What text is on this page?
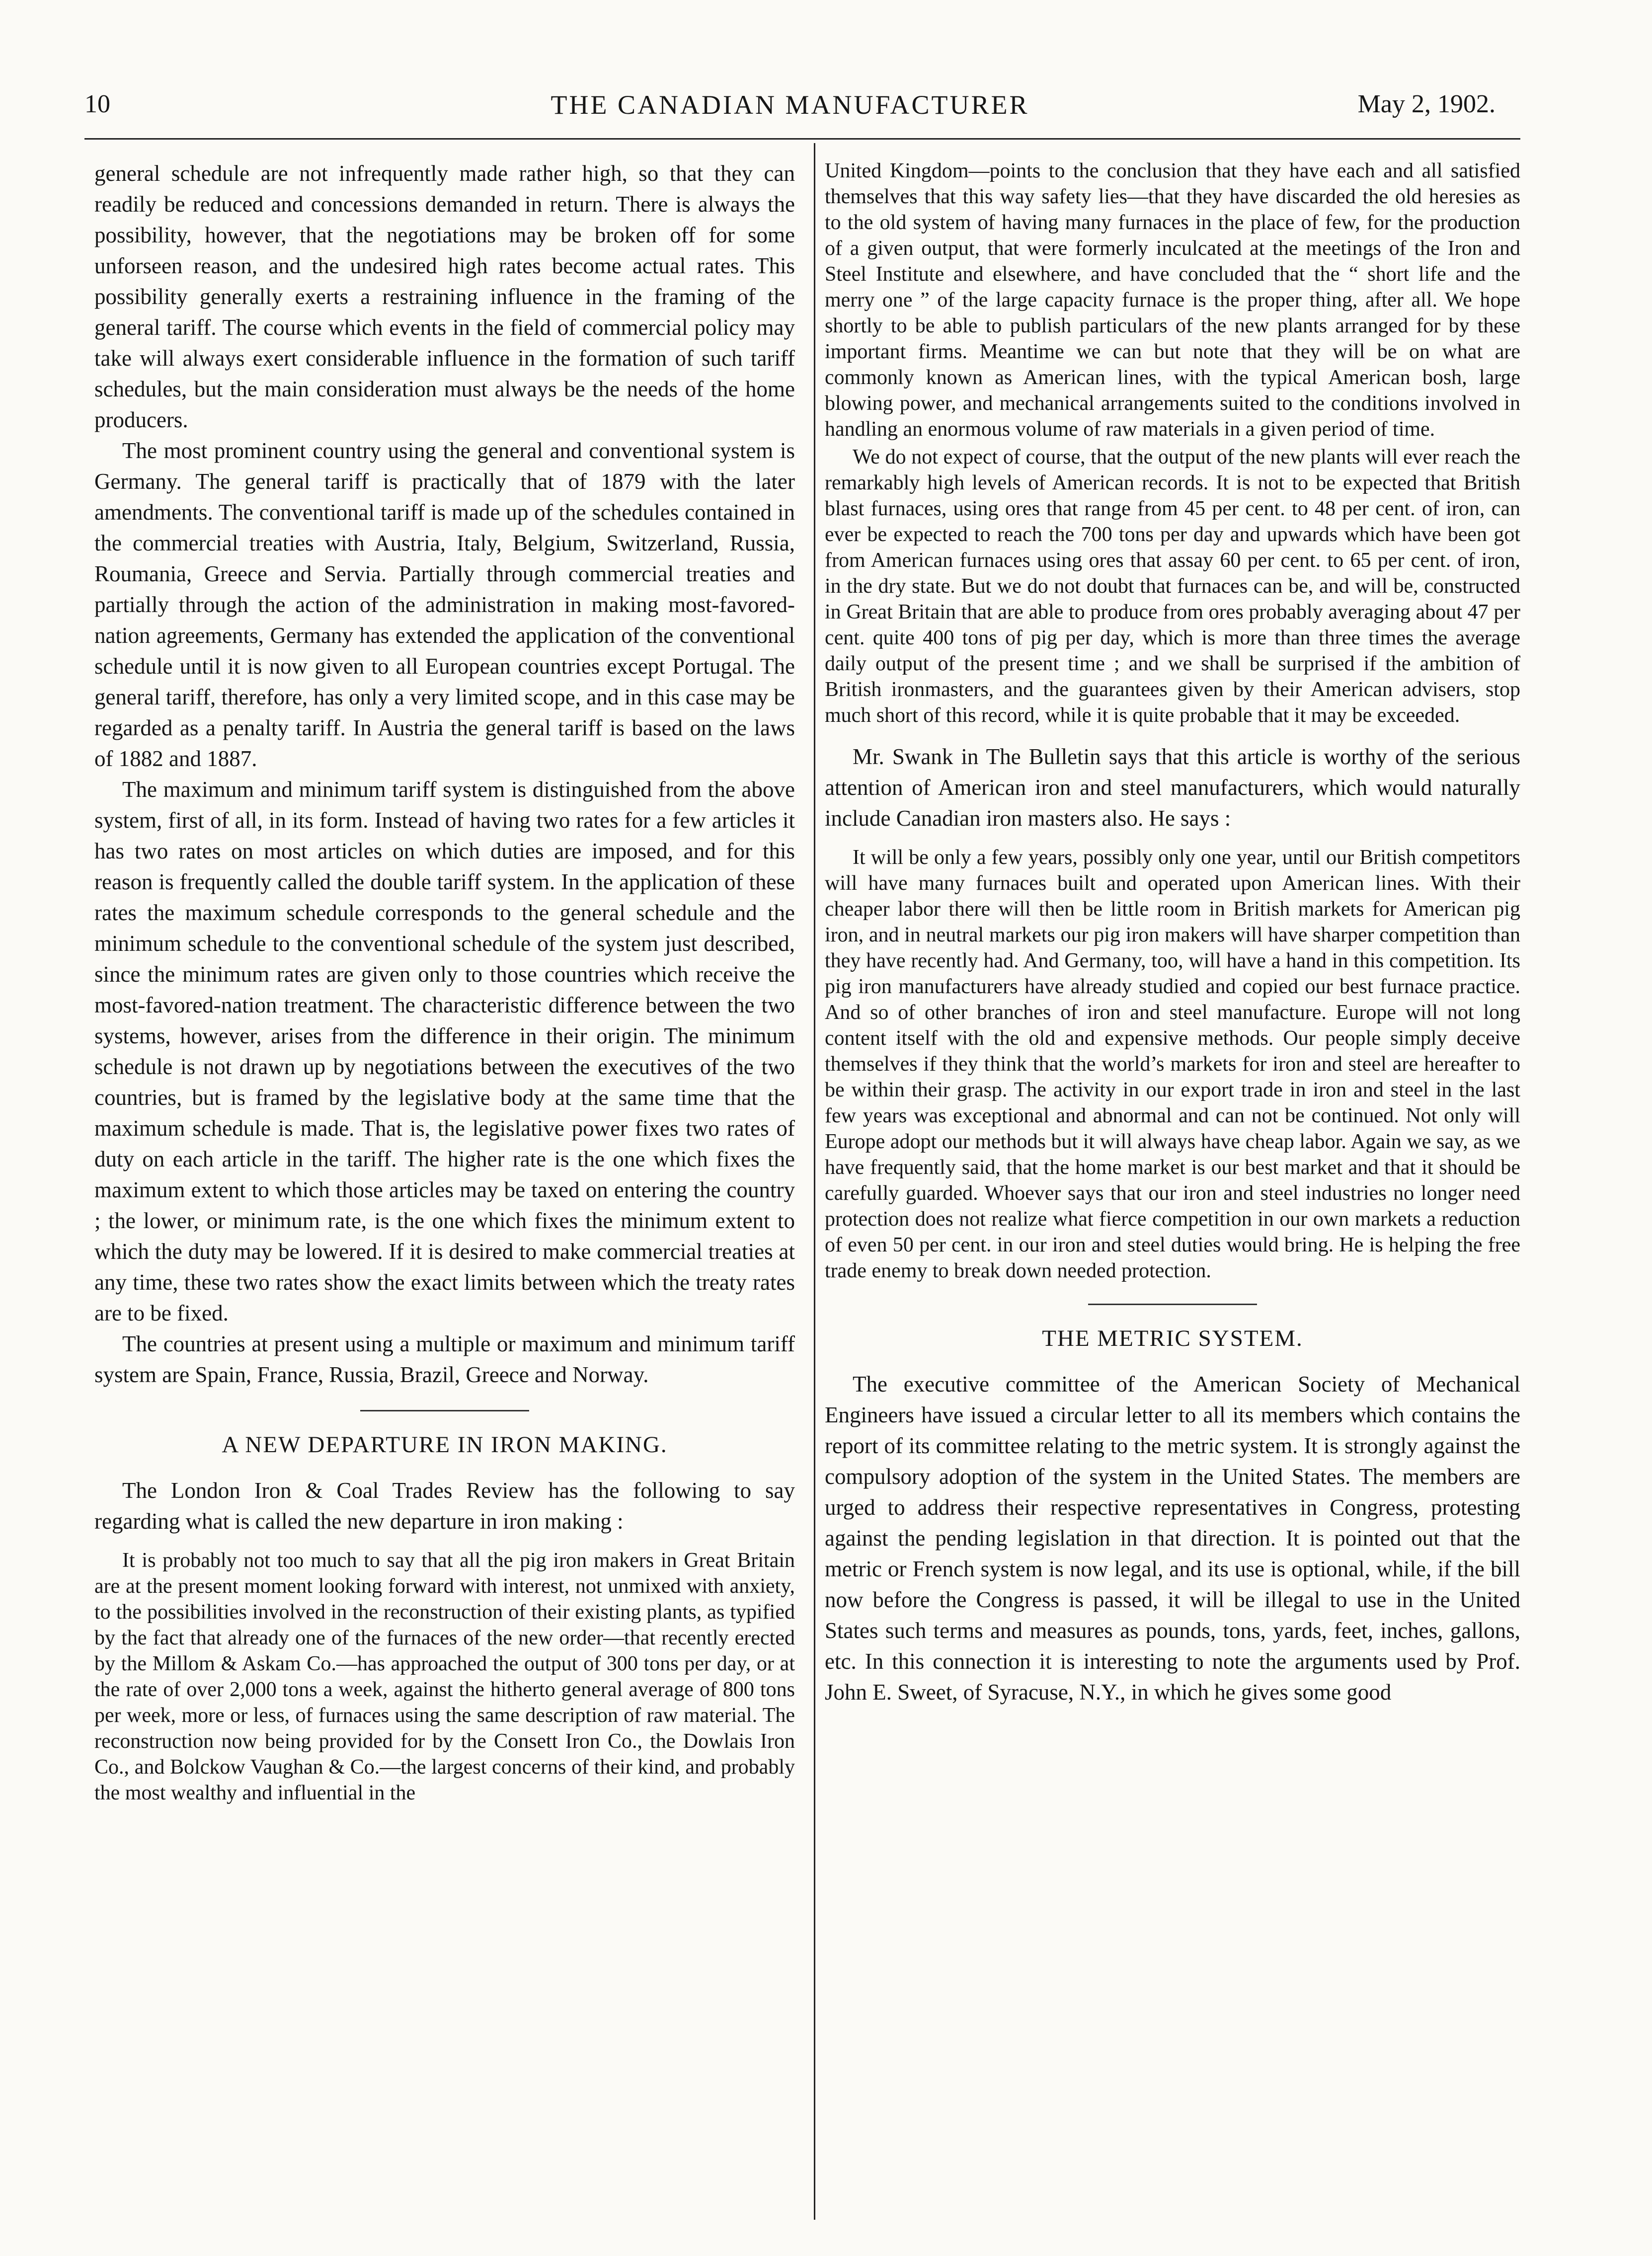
10	THE CANADIAN MANUFACTURER	May 2, 1902.

general schedule are not infrequently made rather high, so that they can readily be reduced and concessions demanded in return. There is always the possibility, however, that the negotiations may be broken off for some unforseen reason, and the undesired high rates become actual rates. This possibility generally exerts a restraining influence in the framing of the general tariff. The course which events in the field of commercial policy may take will always exert considerable influence in the formation of such tariff schedules, but the main consideration must always be the needs of the home producers.

The most prominent country using the general and conventional system is Germany. The general tariff is practically that of 1879 with the later amendments. The conventional tariff is made up of the schedules contained in the commercial treaties with Austria, Italy, Belgium, Switzerland, Russia, Roumania, Greece and Servia. Partially through commercial treaties and partially through the action of the administration in making most-favored-nation agreements, Germany has extended the application of the conventional schedule until it is now given to all European countries except Portugal. The general tariff, therefore, has only a very limited scope, and in this case may be regarded as a penalty tariff. In Austria the general tariff is based on the laws of 1882 and 1887.

The maximum and minimum tariff system is distinguished from the above system, first of all, in its form. Instead of having two rates for a few articles it has two rates on most articles on which duties are imposed, and for this reason is frequently called the double tariff system. In the application of these rates the maximum schedule corresponds to the general schedule and the minimum schedule to the conventional schedule of the system just described, since the minimum rates are given only to those countries which receive the most-favored-nation treatment. The characteristic difference between the two systems, however, arises from the difference in their origin. The minimum schedule is not drawn up by negotiations between the executives of the two countries, but is framed by the legislative body at the same time that the maximum schedule is made. That is, the legislative power fixes two rates of duty on each article in the tariff. The higher rate is the one which fixes the maximum extent to which those articles may be taxed on entering the country ; the lower, or minimum rate, is the one which fixes the minimum extent to which the duty may be lowered. If it is desired to make commercial treaties at any time, these two rates show the exact limits between which the treaty rates are to be fixed.

The countries at present using a multiple or maximum and minimum tariff system are Spain, France, Russia, Brazil, Greece and Norway.

A NEW DEPARTURE IN IRON MAKING.

The London Iron & Coal Trades Review has the following to say regarding what is called the new departure in iron making :

It is probably not too much to say that all the pig iron makers in Great Britain are at the present moment looking forward with interest, not unmixed with anxiety, to the possibilities involved in the reconstruction of their existing plants, as typified by the fact that already one of the furnaces of the new order—that recently erected by the Millom & Askam Co.—has approached the output of 300 tons per day, or at the rate of over 2,000 tons a week, against the hitherto general average of 800 tons per week, more or less, of furnaces using the same description of raw material. The reconstruction now being provided for by the Consett Iron Co., the Dowlais Iron Co., and Bolckow Vaughan & Co.—the largest concerns of their kind, and probably the most wealthy and influential in the

United Kingdom—points to the conclusion that they have each and all satisfied themselves that this way safety lies—that they have discarded the old heresies as to the old system of having many furnaces in the place of few, for the production of a given output, that were formerly inculcated at the meetings of the Iron and Steel Institute and elsewhere, and have concluded that the “ short life and the merry one ” of the large capacity furnace is the proper thing, after all. We hope shortly to be able to publish particulars of the new plants arranged for by these important firms. Meantime we can but note that they will be on what are commonly known as American lines, with the typical American bosh, large blowing power, and mechanical arrangements suited to the conditions involved in handling an enormous volume of raw materials in a given period of time.

We do not expect of course, that the output of the new plants will ever reach the remarkably high levels of American records. It is not to be expected that British blast furnaces, using ores that range from 45 per cent. to 48 per cent. of iron, can ever be expected to reach the 700 tons per day and upwards which have been got from American furnaces using ores that assay 60 per cent. to 65 per cent. of iron, in the dry state. But we do not doubt that furnaces can be, and will be, constructed in Great Britain that are able to produce from ores probably averaging about 47 per cent. quite 400 tons of pig per day, which is more than three times the average daily output of the present time ; and we shall be surprised if the ambition of British ironmasters, and the guarantees given by their American advisers, stop much short of this record, while it is quite probable that it may be exceeded.

Mr. Swank in The Bulletin says that this article is worthy of the serious attention of American iron and steel manufacturers, which would naturally include Canadian iron masters also. He says :

It will be only a few years, possibly only one year, until our British competitors will have many furnaces built and operated upon American lines. With their cheaper labor there will then be little room in British markets for American pig iron, and in neutral markets our pig iron makers will have sharper competition than they have recently had. And Germany, too, will have a hand in this competition. Its pig iron manufacturers have already studied and copied our best furnace practice. And so of other branches of iron and steel manufacture. Europe will not long content itself with the old and expensive methods. Our people simply deceive themselves if they think that the world’s markets for iron and steel are hereafter to be within their grasp. The activity in our export trade in iron and steel in the last few years was exceptional and abnormal and can not be continued. Not only will Europe adopt our methods but it will always have cheap labor. Again we say, as we have frequently said, that the home market is our best market and that it should be carefully guarded. Whoever says that our iron and steel industries no longer need protection does not realize what fierce competition in our own markets a reduction of even 50 per cent. in our iron and steel duties would bring. He is helping the free trade enemy to break down needed protection.

THE METRIC SYSTEM.

The executive committee of the American Society of Mechanical Engineers have issued a circular letter to all its members which contains the report of its committee relating to the metric system. It is strongly against the compulsory adoption of the system in the United States. The members are urged to address their respective representatives in Congress, protesting against the pending legislation in that direction. It is pointed out that the metric or French system is now legal, and its use is optional, while, if the bill now before the Congress is passed, it will be illegal to use in the United States such terms and measures as pounds, tons, yards, feet, inches, gallons, etc. In this connection it is interesting to note the arguments used by Prof. John E. Sweet, of Syracuse, N.Y., in which he gives some good
